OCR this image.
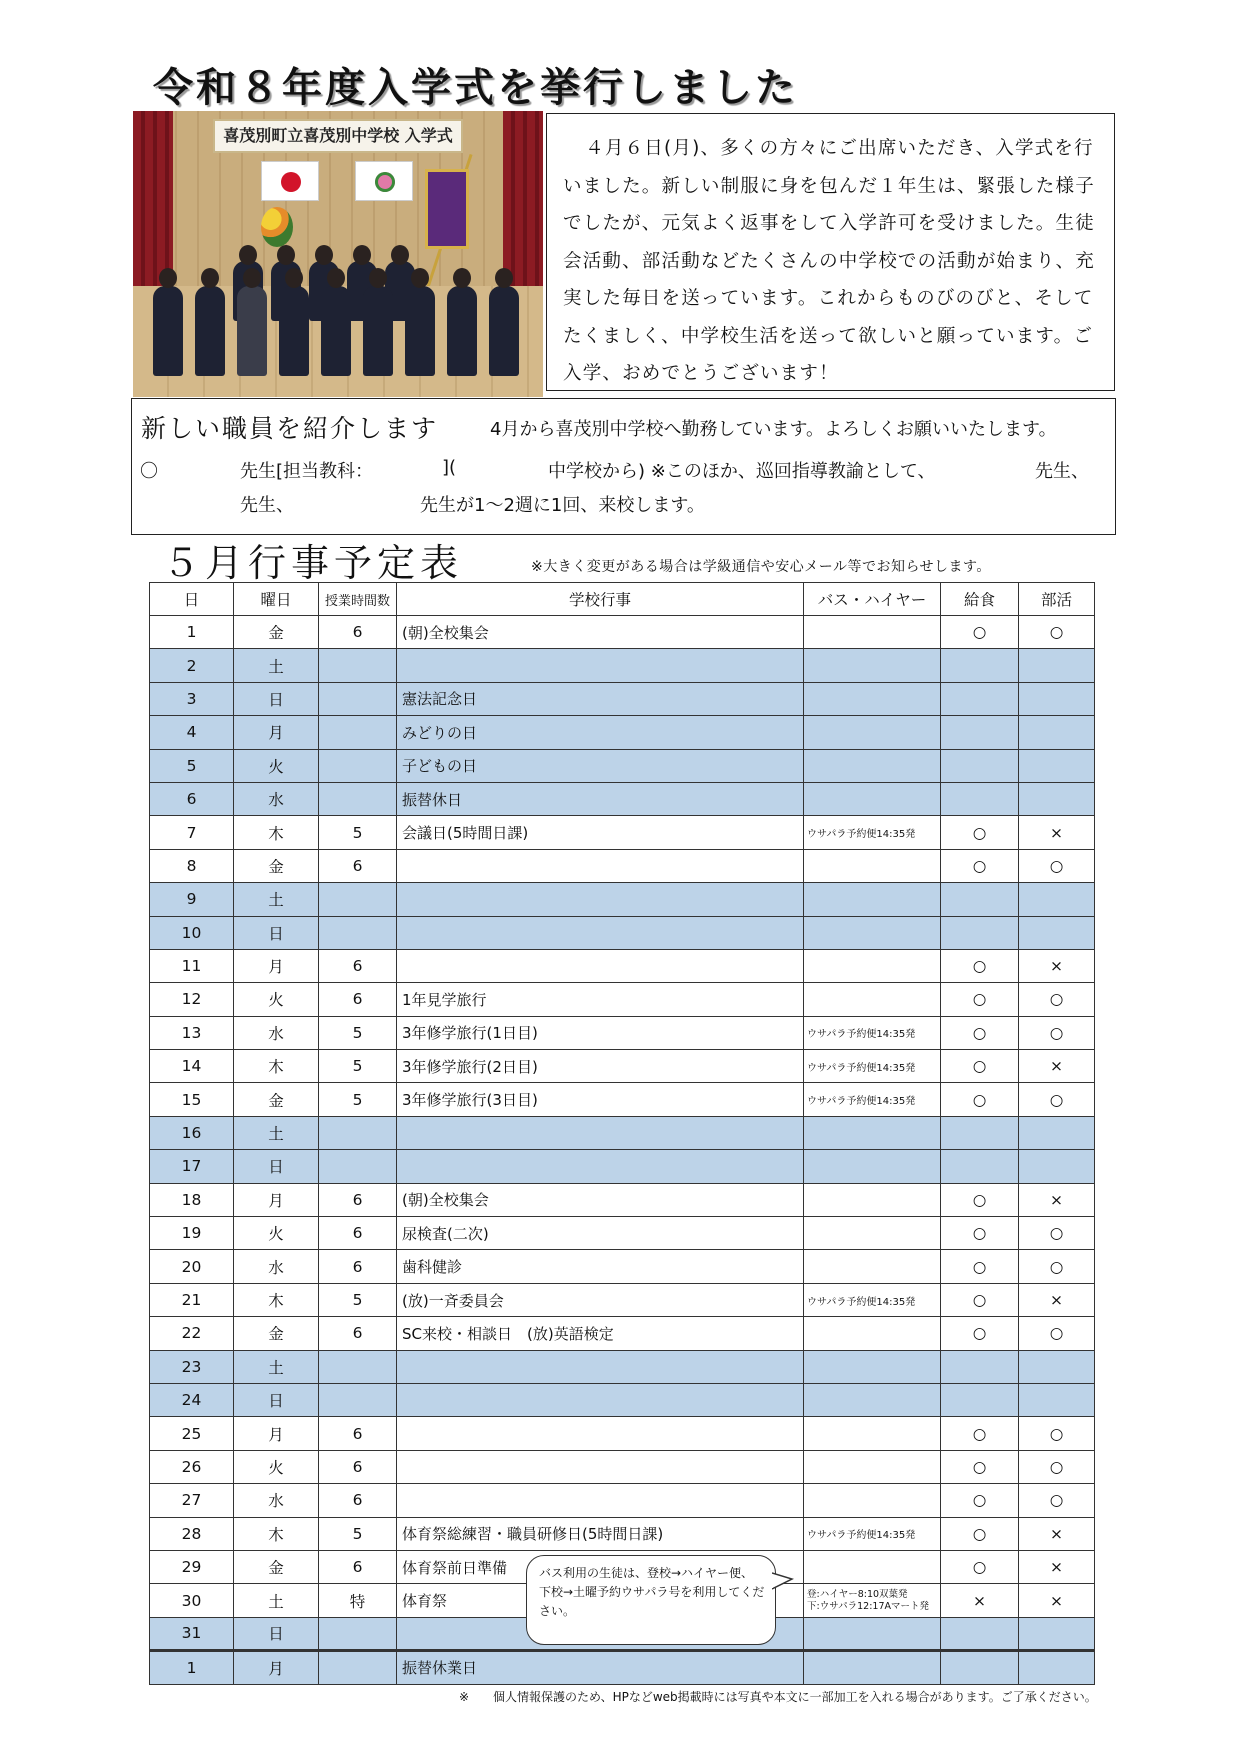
令和８年度入学式を挙行しました
喜茂別町立喜茂別中学校 入学式

４月６日(月)、多くの方々にご出席いただき、入学式を行いました。新しい制服に身を包んだ１年生は、緊張した様子でしたが、元気よく返事をして入学許可を受けました。生徒会活動、部活動などたくさんの中学校での活動が始まり、充実した毎日を送っています。これからものびのびと、そしてたくましく、中学校生活を送って欲しいと願っています。ご入学、おめでとうございます！

新しい職員を紹介します	4月から喜茂別中学校へ勤務しています。よろしくお願いいたします。
〇	先生[担当教科：	](	中学校から) ※このほか、巡回指導教諭として、	先生、
先生、	先生が1～2週に1回、来校します。
５月行事予定表	※大きく変更がある場合は学級通信や安心メール等でお知らせします。
日	曜日	授業時間数	学校行事	バス・ハイヤー	給食	部活
1	金	6	(朝)全校集会		○	○
2	土					
3	日		憲法記念日			
4	月		みどりの日			
5	火		子どもの日			
6	水		振替休日			
7	木	5	会議日(5時間日課)	ウサパラ予約便14:35発	○	×
8	金	6			○	○
9	土					
10	日					
11	月	6			○	×
12	火	6	1年見学旅行		○	○
13	水	5	3年修学旅行(1日目)	ウサパラ予約便14:35発	○	○
14	木	5	3年修学旅行(2日目)	ウサパラ予約便14:35発	○	×
15	金	5	3年修学旅行(3日目)	ウサパラ予約便14:35発	○	○
16	土					
17	日					
18	月	6	(朝)全校集会		○	×
19	火	6	尿検査(二次)		○	○
20	水	6	歯科健診		○	○
21	木	5	(放)一斉委員会	ウサパラ予約便14:35発	○	×
22	金	6	SC来校・相談日　(放)英語検定		○	○
23	土					
24	日					
25	月	6			○	○
26	火	6			○	○
27	水	6			○	○
28	木	5	体育祭総練習・職員研修日(5時間日課)	ウサパラ予約便14:35発	○	×
29	金	6	体育祭前日準備		○	×
30	土	特	体育祭	登:ハイヤー8:10双葉発
下:ウサパラ12:17Aマート発	×	×
31	日					
1	月		振替休業日			
バス利用の生徒は、登校→ハイヤー便、下校→土曜予約ウサパラ号を利用してください。
※　　個人情報保護のため、HPなどweb掲載時には写真や本文に一部加工を入れる場合があります。ご了承ください。
